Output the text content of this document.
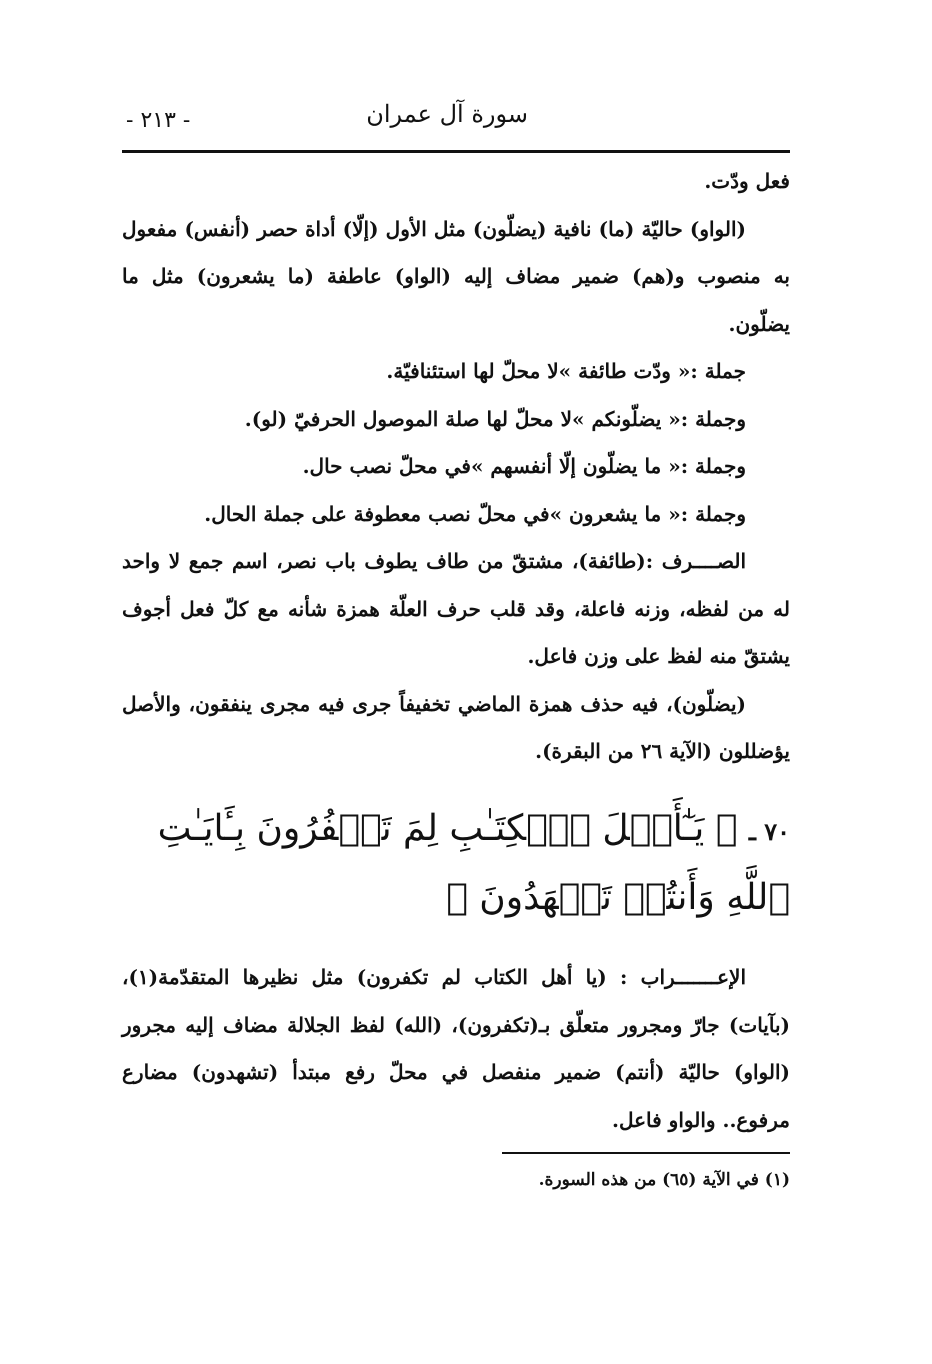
سورة آل عمران
- ٢١٣ -

فعل ودّت.

(الواو) حاليّة (ما) نافية (يضلّون) مثل الأول (إلّا) أداة حصر (أنفس) مفعول به منصوب و(هم) ضمير مضاف إليه (الواو) عاطفة (ما يشعرون) مثل ما يضلّون.

جملة :« ودّت طائفة »لا محلّ لها استئنافيّة.

وجملة :« يضلّونكم »لا محلّ لها صلة الموصول الحرفيّ (لو).

وجملة :« ما يضلّون إلّا أنفسهم »في محلّ نصب حال.

وجملة :« ما يشعرون »في محلّ نصب معطوفة على جملة الحال.

الصــــرف :(طائفة)، مشتقّ من طاف يطوف باب نصر، اسم جمع لا واحد له من لفظه، وزنه فاعلة، وقد قلب حرف العلّة همزة شأنه مع كلّ فعل أجوف يشتقّ منه لفظ على وزن فاعل.

(يضلّون)، فيه حذف همزة الماضي تخفيفاً جرى فيه مجرى ينفقون، والأصل يؤضللون (الآية ٢٦ من البقرة).

٧٠ ـ ﴿ يَـٰٓأَهۡلَ ٱلۡكِتَـٰبِ لِمَ تَكۡفُرُونَ بِـَٔايَـٰتِ ٱللَّهِ وَأَنتُمۡ تَشۡهَدُونَ ﴾

الإعـــــــراب : (يا أهل الكتاب لم تكفرون) مثل نظيرها المتقدّمة(١)، (بآيات) جارّ ومجرور متعلّق بـ(تكفرون)، (الله) لفظ الجلالة مضاف إليه مجرور (الواو) حاليّة (أنتم) ضمير منفصل في محلّ رفع مبتدأ (تشهدون) مضارع مرفوع.. والواو فاعل.

(١) في الآية (٦٥) من هذه السورة.
